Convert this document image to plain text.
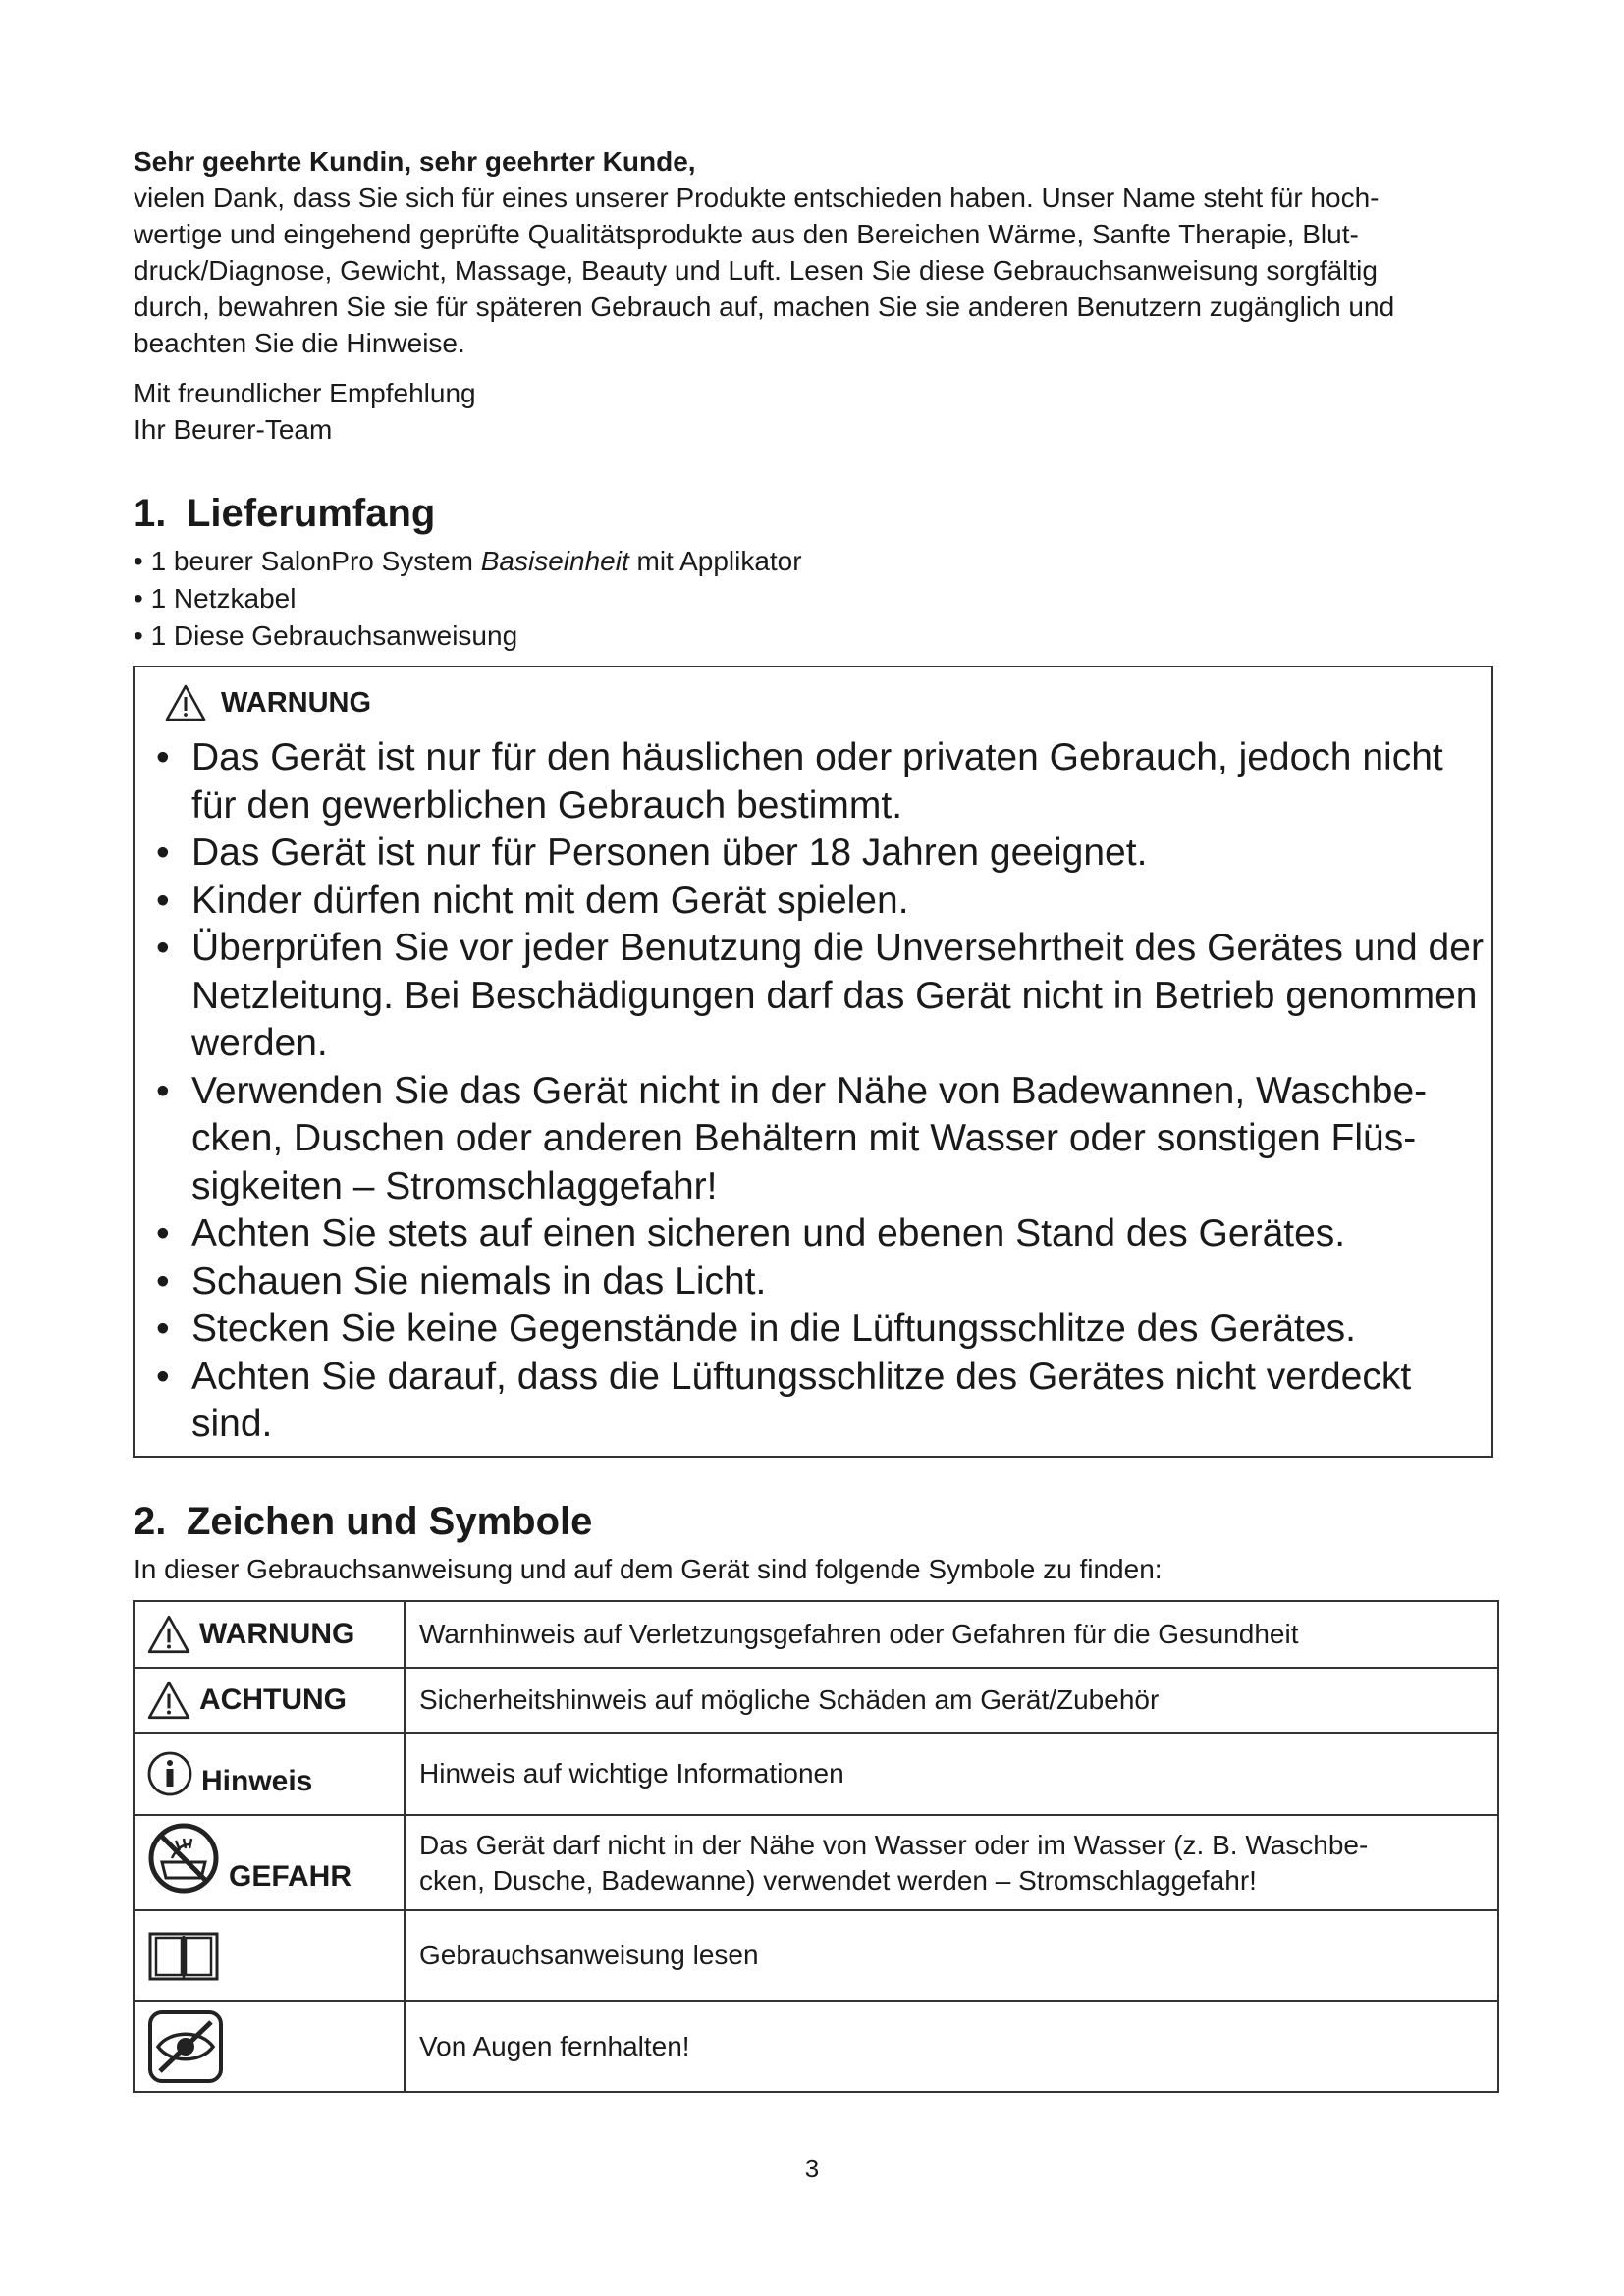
Sehr geehrte Kundin, sehr geehrter Kunde,
vielen Dank, dass Sie sich für eines unserer Produkte entschieden haben. Unser Name steht für hoch-
wertige und eingehend geprüfte Qualitätsprodukte aus den Bereichen Wärme, Sanfte Therapie, Blut-
druck/Diagnose, Gewicht, Massage, Beauty und Luft. Lesen Sie diese Gebrauchsanweisung sorgfältig
durch, bewahren Sie sie für späteren Gebrauch auf, machen Sie sie anderen Benutzern zugänglich und
beachten Sie die Hinweise.
Mit freundlicher Empfehlung
Ihr Beurer-Team
1. Lieferumfang
• 1 beurer SalonPro System Basiseinheit mit Applikator
• 1 Netzkabel
• 1 Diese Gebrauchsanweisung
WARNUNG
• Das Gerät ist nur für den häuslichen oder privaten Gebrauch, jedoch nicht für den gewerblichen Gebrauch bestimmt.
• Das Gerät ist nur für Personen über 18 Jahren geeignet.
• Kinder dürfen nicht mit dem Gerät spielen.
• Überprüfen Sie vor jeder Benutzung die Unversehrtheit des Gerätes und der Netzleitung. Bei Beschädigungen darf das Gerät nicht in Betrieb genommen werden.
• Verwenden Sie das Gerät nicht in der Nähe von Badewannen, Waschbe-cken, Duschen oder anderen Behältern mit Wasser oder sonstigen Flüs-sigkeiten – Stromschlaggefahr!
• Achten Sie stets auf einen sicheren und ebenen Stand des Gerätes.
• Schauen Sie niemals in das Licht.
• Stecken Sie keine Gegenstände in die Lüftungsschlitze des Gerätes.
• Achten Sie darauf, dass die Lüftungsschlitze des Gerätes nicht verdeckt sind.
2. Zeichen und Symbole
In dieser Gebrauchsanweisung und auf dem Gerät sind folgende Symbole zu finden:
WARNUNG	Warnhinweis auf Verletzungsgefahren oder Gefahren für die Gesundheit

ACHTUNG	Sicherheitshinweis auf mögliche Schäden am Gerät/Zubehör

Hinweis	Hinweis auf wichtige Informationen

GEFAHR	Das Gerät darf nicht in der Nähe von Wasser oder im Wasser (z. B. Waschbe-
cken, Dusche, Badewanne) verwendet werden – Stromschlaggefahr!

	Gebrauchsanweisung lesen

	Von Augen fernhalten!
3
